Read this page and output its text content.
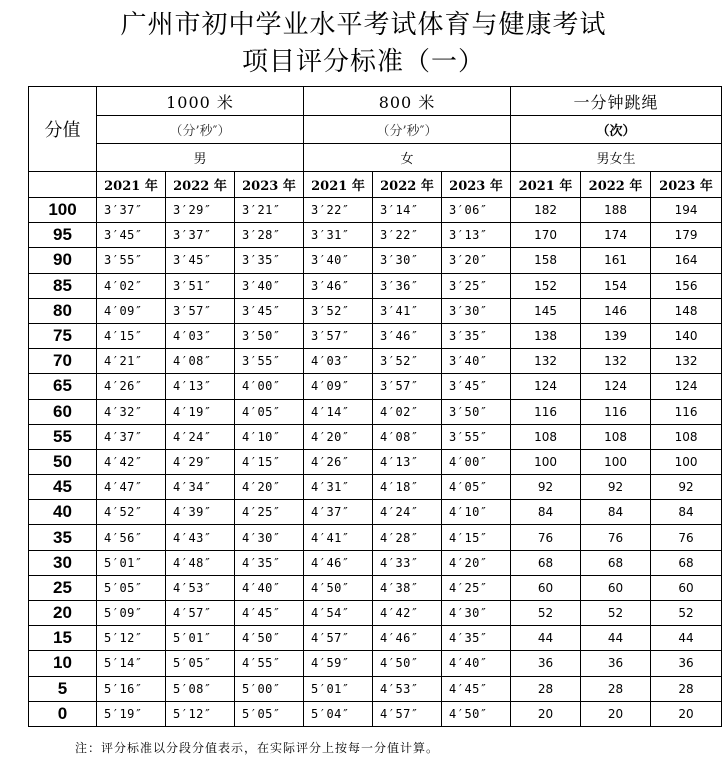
广州市初中学业水平考试体育与健康考试
项目评分标准（一）
分值	1000 米			800 米			一分钟跳绳		
	（分’秒″）			（分’秒″）			（次）		
	男			女			男女生		
	2021 年	2022 年	2023 年	2021 年	2022 年	2023 年	2021 年	2022 年	2023 年
100	3′37″	3′29″	3′21″	3′22″	3′14″	3′06″	182	188	194
95	3′45″	3′37″	3′28″	3′31″	3′22″	3′13″	170	174	179
90	3′55″	3′45″	3′35″	3′40″	3′30″	3′20″	158	161	164
85	4′02″	3′51″	3′40″	3′46″	3′36″	3′25″	152	154	156
80	4′09″	3′57″	3′45″	3′52″	3′41″	3′30″	145	146	148
75	4′15″	4′03″	3′50″	3′57″	3′46″	3′35″	138	139	140
70	4′21″	4′08″	3′55″	4′03″	3′52″	3′40″	132	132	132
65	4′26″	4′13″	4′00″	4′09″	3′57″	3′45″	124	124	124
60	4′32″	4′19″	4′05″	4′14″	4′02″	3′50″	116	116	116
55	4′37″	4′24″	4′10″	4′20″	4′08″	3′55″	108	108	108
50	4′42″	4′29″	4′15″	4′26″	4′13″	4′00″	100	100	100
45	4′47″	4′34″	4′20″	4′31″	4′18″	4′05″	92	92	92
40	4′52″	4′39″	4′25″	4′37″	4′24″	4′10″	84	84	84
35	4′56″	4′43″	4′30″	4′41″	4′28″	4′15″	76	76	76
30	5′01″	4′48″	4′35″	4′46″	4′33″	4′20″	68	68	68
25	5′05″	4′53″	4′40″	4′50″	4′38″	4′25″	60	60	60
20	5′09″	4′57″	4′45″	4′54″	4′42″	4′30″	52	52	52
15	5′12″	5′01″	4′50″	4′57″	4′46″	4′35″	44	44	44
10	5′14″	5′05″	4′55″	4′59″	4′50″	4′40″	36	36	36
5	5′16″	5′08″	5′00″	5′01″	4′53″	4′45″	28	28	28
0	5′19″	5′12″	5′05″	5′04″	4′57″	4′50″	20	20	20
注：评分标准以分段分值表示，在实际评分上按每一分值计算。
